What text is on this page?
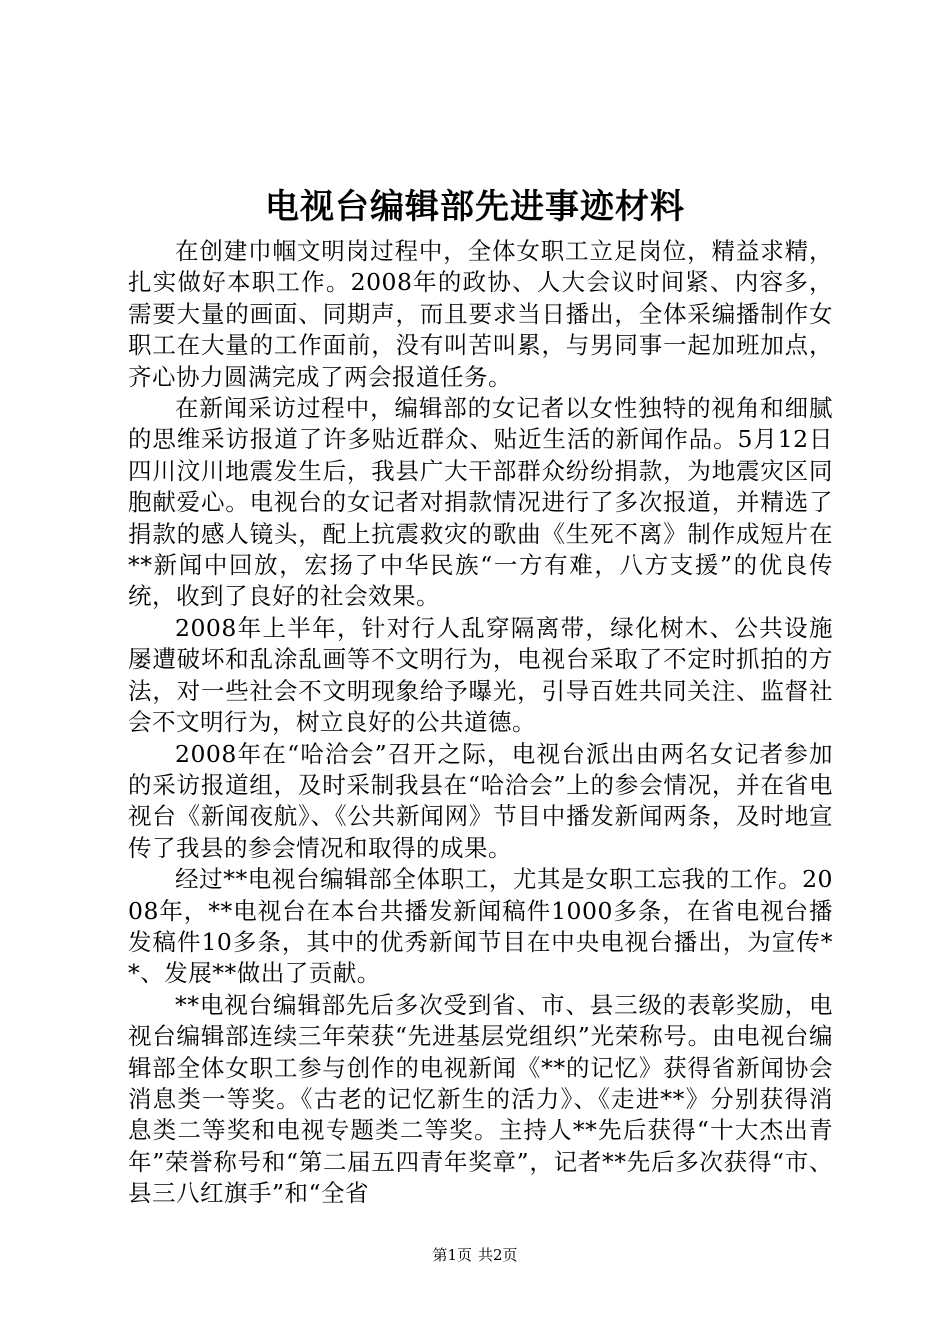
电视台编辑部先进事迹材料

在创建巾帼文明岗过程中，全体女职工立足岗位，精益求精，扎实做好本职工作。2008年的政协、人大会议时间紧、内容多，需要大量的画面、同期声，而且要求当日播出，全体采编播制作女职工在大量的工作面前，没有叫苦叫累，与男同事一起加班加点，齐心协力圆满完成了两会报道任务。

在新闻采访过程中，编辑部的女记者以女性独特的视角和细腻的思维采访报道了许多贴近群众、贴近生活的新闻作品。5月12日四川汶川地震发生后，我县广大干部群众纷纷捐款，为地震灾区同胞献爱心。电视台的女记者对捐款情况进行了多次报道，并精选了捐款的感人镜头，配上抗震救灾的歌曲《生死不离》制作成短片在**新闻中回放，宏扬了中华民族“一方有难，八方支援”的优良传统，收到了良好的社会效果。

2008年上半年，针对行人乱穿隔离带，绿化树木、公共设施屡遭破坏和乱涂乱画等不文明行为，电视台采取了不定时抓拍的方法，对一些社会不文明现象给予曝光，引导百姓共同关注、监督社会不文明行为，树立良好的公共道德。

2008年在“哈洽会”召开之际，电视台派出由两名女记者参加的采访报道组，及时采制我县在“哈洽会”上的参会情况，并在省电视台《新闻夜航》、《公共新闻网》节目中播发新闻两条，及时地宣传了我县的参会情况和取得的成果。

经过**电视台编辑部全体职工，尤其是女职工忘我的工作。2008年，**电视台在本台共播发新闻稿件1000多条，在省电视台播发稿件10多条，其中的优秀新闻节目在中央电视台播出，为宣传**、发展**做出了贡献。

**电视台编辑部先后多次受到省、市、县三级的表彰奖励，电视台编辑部连续三年荣获“先进基层党组织”光荣称号。由电视台编辑部全体女职工参与创作的电视新闻《**的记忆》获得省新闻协会消息类一等奖。《古老的记忆新生的活力》、《走进**》分别获得消息类二等奖和电视专题类二等奖。主持人**先后获得“十大杰出青年”荣誉称号和“第二届五四青年奖章”，记者**先后多次获得“市、县三八红旗手”和“全省

第1页 共2页
